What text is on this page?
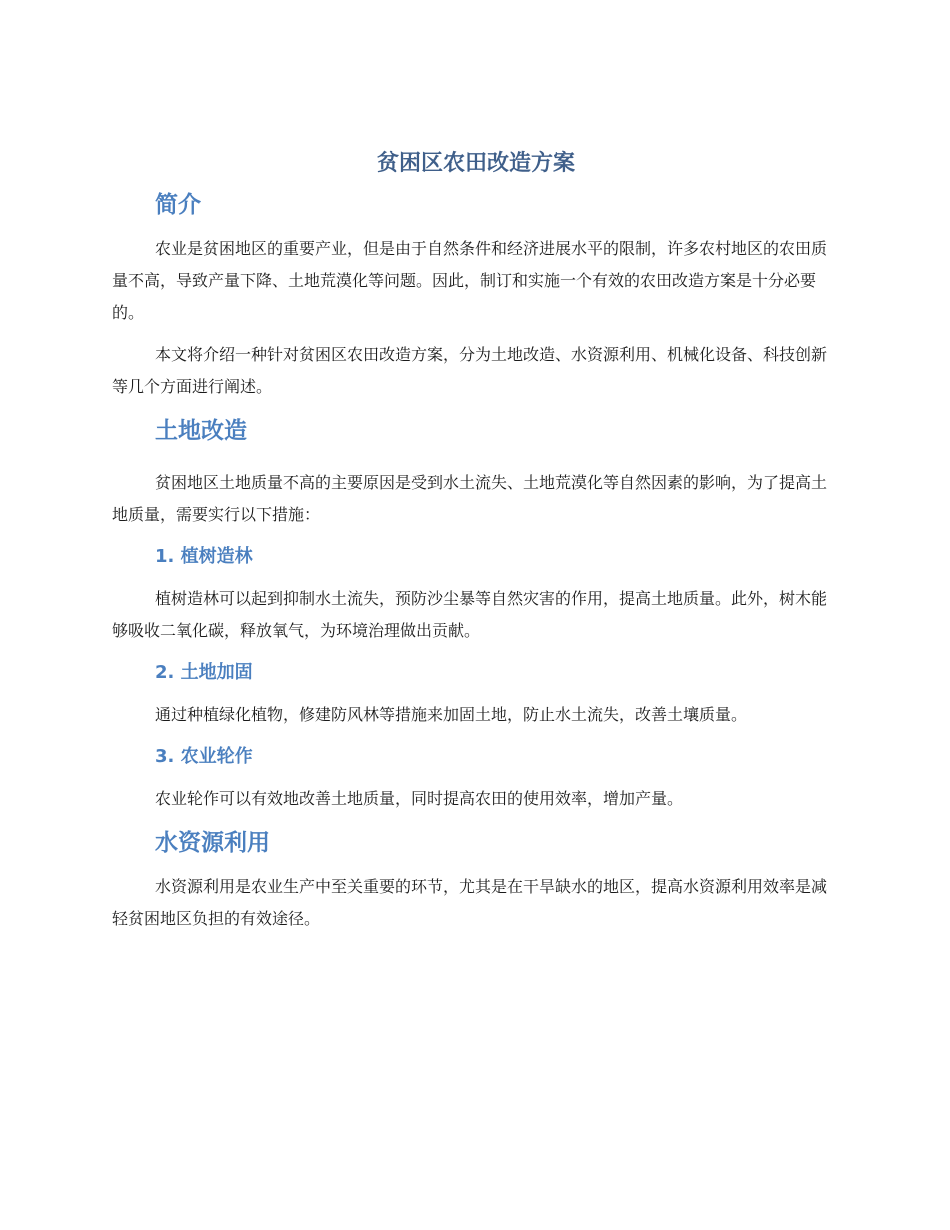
贫困区农田改造方案
简介

农业是贫困地区的重要产业，但是由于自然条件和经济进展水平的限制，许多农村地区的农田质量不高，导致产量下降、土地荒漠化等问题。因此，制订和实施一个有效的农田改造方案是十分必要的。

本文将介绍一种针对贫困区农田改造方案，分为土地改造、水资源利用、机械化设备、科技创新等几个方面进行阐述。

土地改造

贫困地区土地质量不高的主要原因是受到水土流失、土地荒漠化等自然因素的影响，为了提高土地质量，需要实行以下措施：

1. 植树造林

植树造林可以起到抑制水土流失，预防沙尘暴等自然灾害的作用，提高土地质量。此外，树木能够吸收二氧化碳，释放氧气，为环境治理做出贡献。

2. 土地加固

通过种植绿化植物，修建防风林等措施来加固土地，防止水土流失，改善土壤质量。

3. 农业轮作

农业轮作可以有效地改善土地质量，同时提高农田的使用效率，增加产量。

水资源利用

水资源利用是农业生产中至关重要的环节，尤其是在干旱缺水的地区，提高水资源利用效率是减轻贫困地区负担的有效途径。
